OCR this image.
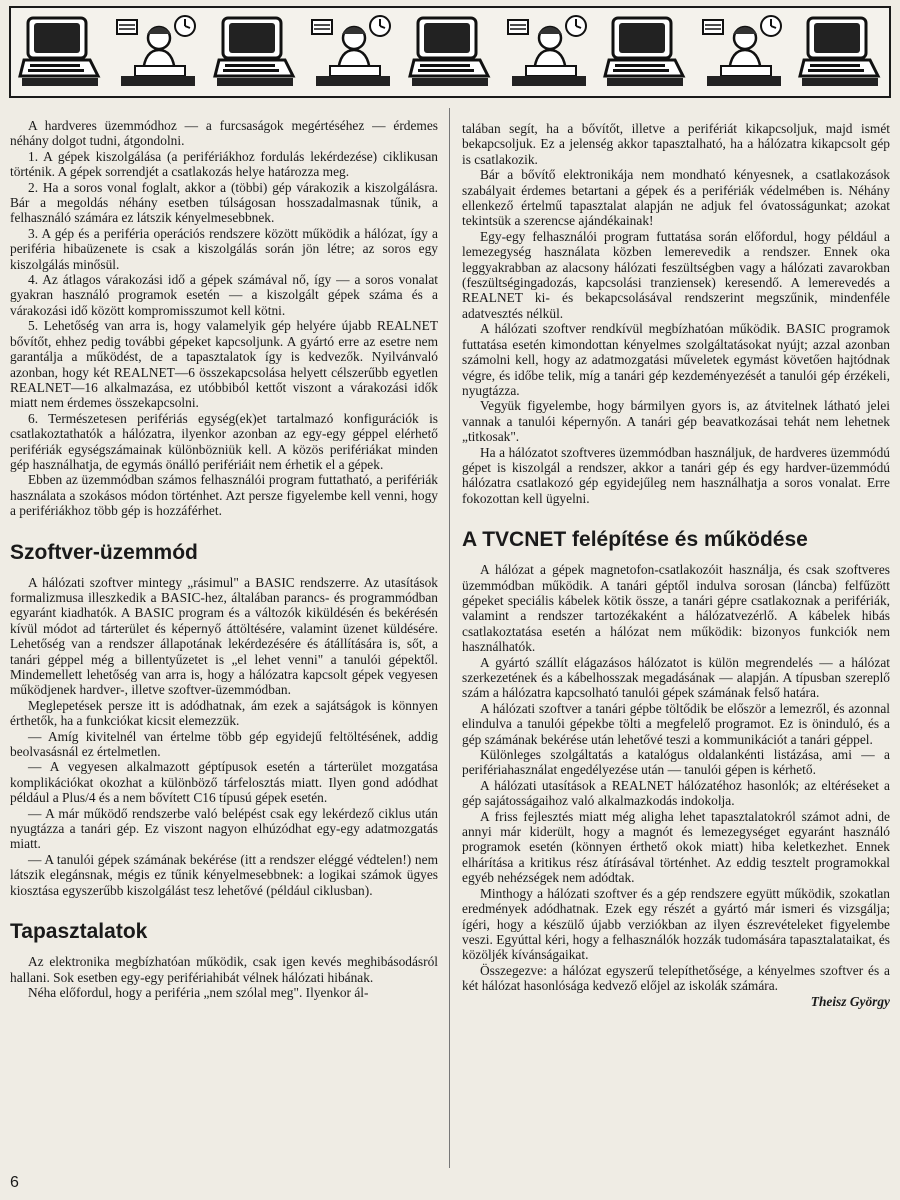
A hardveres üzemmódhoz — a furcsaságok megértéséhez — érdemes néhány dolgot tudni, átgondolni.

1. A gépek kiszolgálása (a perifériákhoz fordulás lekérdezése) ciklikusan történik. A gépek sorrendjét a csatlakozás helye határozza meg.

2. Ha a soros vonal foglalt, akkor a (többi) gép várakozik a kiszolgálásra. Bár a megoldás néhány esetben túlságosan hosszadalmasnak tűnik, a felhasználó számára ez látszik kényelmesebbnek.

3. A gép és a periféria operációs rendszere között működik a hálózat, így a periféria hibaüzenete is csak a kiszolgálás során jön létre; az soros egy kiszolgálás minősül.

4. Az átlagos várakozási idő a gépek számával nő, így — a soros vonalat gyakran használó programok esetén — a kiszolgált gépek száma és a várakozási idő között kompromisszumot kell kötni.

5. Lehetőség van arra is, hogy valamelyik gép helyére újabb REALNET bővítőt, ehhez pedig további gépeket kapcsoljunk. A gyártó erre az esetre nem garantálja a működést, de a tapasztalatok így is kedvezők. Nyilvánvaló azonban, hogy két REALNET—6 összekapcsolása helyett célszerűbb egyetlen REALNET—16 alkalmazása, ez utóbbiból kettőt viszont a várakozási idők miatt nem érdemes összekapcsolni.

6. Természetesen perifériás egység(ek)et tartalmazó konfigurációk is csatlakoztathatók a hálózatra, ilyenkor azonban az egy-egy géppel elérhető perifériák egységszámainak különbözniük kell. A közös perifériákat minden gép használhatja, de egymás önálló perifériáit nem érhetik el a gépek.

Ebben az üzemmódban számos felhasználói program futtatható, a perifériák használata a szokásos módon történhet. Azt persze figyelembe kell venni, hogy a perifériákhoz több gép is hozzáférhet.

Szoftver-üzemmód

A hálózati szoftver mintegy „rásimul" a BASIC rendszerre. Az utasítások formalizmusa illeszkedik a BASIC-hez, általában parancs- és programmódban egyaránt kiadhatók. A BASIC program és a változók kiküldésén és bekérésén kívül módot ad tárterület és képernyő áttöltésére, valamint üzenet küldésére. Lehetőség van a rendszer állapotának lekérdezésére és átállítására is, sőt, a tanári géppel még a billentyűzetet is „el lehet venni" a tanulói gépektől. Mindemellett lehetőség van arra is, hogy a hálózatra kapcsolt gépek vegyesen működjenek hardver-, illetve szoftver-üzemmódban.

Meglepetések persze itt is adódhatnak, ám ezek a sajátságok is könnyen érthetők, ha a funkciókat kicsit elemezzük.

— Amíg kivitelnél van értelme több gép egyidejű feltöltésének, addig beolvasásnál ez értelmetlen.

— A vegyesen alkalmazott géptípusok esetén a tárterület mozgatása komplikációkat okozhat a különböző tárfelosztás miatt. Ilyen gond adódhat például a Plus/4 és a nem bővített C16 típusú gépek esetén.

— A már működő rendszerbe való belépést csak egy lekérdező ciklus után nyugtázza a tanári gép. Ez viszont nagyon elhúzódhat egy-egy adatmozgatás miatt.

— A tanulói gépek számának bekérése (itt a rendszer eléggé védtelen!) nem látszik elegánsnak, mégis ez tűnik kényelmesebbnek: a logikai számok ügyes kiosztása egyszerűbb kiszolgálást tesz lehetővé (például ciklusban).

Tapasztalatok

Az elektronika megbízhatóan működik, csak igen kevés meghibásodásról hallani. Sok esetben egy-egy perifériahibát vélnek hálózati hibának.

Néha előfordul, hogy a periféria „nem szólal meg". Ilyenkor ál-

talában segít, ha a bővítőt, illetve a perifériát kikapcsoljuk, majd ismét bekapcsoljuk. Ez a jelenség akkor tapasztalható, ha a hálózatra kikapcsolt gép is csatlakozik.

Bár a bővítő elektronikája nem mondható kényesnek, a csatlakozások szabályait érdemes betartani a gépek és a perifériák védelmében is. Néhány ellenkező értelmű tapasztalat alapján ne adjuk fel óvatosságunkat; azokat tekintsük a szerencse ajándékainak!

Egy-egy felhasználói program futtatása során előfordul, hogy például a lemezegység használata közben lemerevedik a rendszer. Ennek oka leggyakrabban az alacsony hálózati feszültségben vagy a hálózati zavarokban (feszültségingadozás, kapcsolási tranziensek) keresendő. A lemerevedés a REALNET ki- és bekapcsolásával rendszerint megszűnik, mindenféle adatvesztés nélkül.

A hálózati szoftver rendkívül megbízhatóan működik. BASIC programok futtatása esetén kimondottan kényelmes szolgáltatásokat nyújt; azzal azonban számolni kell, hogy az adatmozgatási műveletek egymást követően hajtódnak végre, és időbe telik, míg a tanári gép kezdeményezését a tanulói gép érzékeli, nyugtázza.

Vegyük figyelembe, hogy bármilyen gyors is, az átvitelnek látható jelei vannak a tanulói képernyőn. A tanári gép beavatkozásai tehát nem lehetnek „titkosak".

Ha a hálózatot szoftveres üzemmódban használjuk, de hardveres üzemmódú gépet is kiszolgál a rendszer, akkor a tanári gép és egy hardver-üzemmódú hálózatra csatlakozó gép egyidejűleg nem használhatja a soros vonalat. Erre fokozottan kell ügyelni.

A TVCNET felépítése és működése

A hálózat a gépek magnetofon-csatlakozóit használja, és csak szoftveres üzemmódban működik. A tanári géptől indulva sorosan (láncba) felfűzött gépeket speciális kábelek kötik össze, a tanári gépre csatlakoznak a perifériák, valamint a rendszer tartozékaként a hálózatvezérlő. A kábelek hibás csatlakoztatása esetén a hálózat nem működik: bizonyos funkciók nem használhatók.

A gyártó szállít elágazásos hálózatot is külön megrendelés — a hálózat szerkezetének és a kábelhosszak megadásának — alapján. A típusban szereplő szám a hálózatra kapcsolható tanulói gépek számának felső határa.

A hálózati szoftver a tanári gépbe töltődik be először a lemezről, és azonnal elindulva a tanulói gépekbe tölti a megfelelő programot. Ez is öninduló, és a gép számának bekérése után lehetővé teszi a kommunikációt a tanári géppel.

Különleges szolgáltatás a katalógus oldalankénti listázása, ami — a perifériahasználat engedélyezése után — tanulói gépen is kérhető.

A hálózati utasítások a REALNET hálózatéhoz hasonlók; az eltéréseket a gép sajátosságaihoz való alkalmazkodás indokolja.

A friss fejlesztés miatt még aligha lehet tapasztalatokról számot adni, de annyi már kiderült, hogy a magnót és lemezegységet egyaránt használó programok esetén (könnyen érthető okok miatt) hiba keletkezhet. Ennek elhárítása a kritikus rész átírásával történhet. Az eddig tesztelt programokkal egyéb nehézségek nem adódtak.

Minthogy a hálózati szoftver és a gép rendszere együtt működik, szokatlan eredmények adódhatnak. Ezek egy részét a gyártó már ismeri és vizsgálja; ígéri, hogy a készülő újabb verziókban az ilyen észrevételeket figyelembe veszi. Egyúttal kéri, hogy a felhasználók hozzák tudomására tapasztalataikat, és közöljék kívánságaikat.

Összegezve: a hálózat egyszerű telepíthetősége, a kényelmes szoftver és a két hálózat hasonlósága kedvező előjel az iskolák számára.

Theisz György

6
